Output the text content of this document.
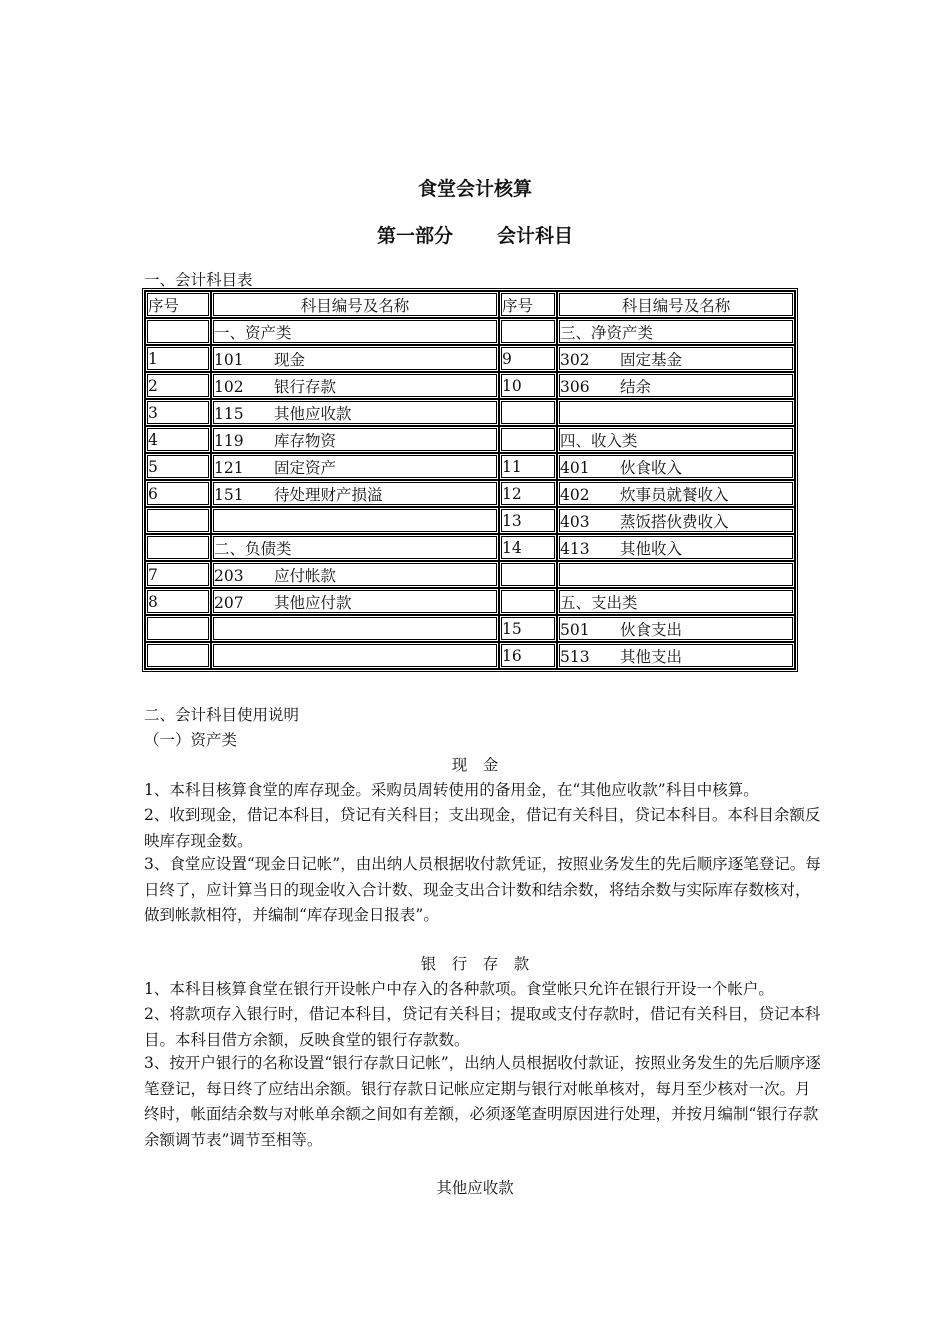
食堂会计核算
第一部分 会计科目
一、会计科目表
序号	科目编号及名称	序号	科目编号及名称
	一、资产类		三、净资产类
1	101 现金	9	302 固定基金
2	102 银行存款	10	306 结余
3	115 其他应收款		
4	119 库存物资		四、收入类
5	121 固定资产	11	401 伙食收入
6	151 待处理财产损溢	12	402 炊事员就餐收入
		13	403 蒸饭搭伙费收入
	二、负债类	14	413 其他收入
7	203 应付帐款		
8	207 其他应付款		五、支出类
		15	501 伙食支出
		16	513 其他支出
二、会计科目使用说明
（一）资产类
现　金

1、本科目核算食堂的库存现金。采购员周转使用的备用金，在“其他应收款”科目中核算。

2、收到现金，借记本科目，贷记有关科目；支出现金，借记有关科目，贷记本科目。本科目余额反映库存现金数。

3、食堂应设置“现金日记帐”，由出纳人员根据收付款凭证，按照业务发生的先后顺序逐笔登记。每日终了，应计算当日的现金收入合计数、现金支出合计数和结余数，将结余数与实际库存数核对，做到帐款相符，并编制“库存现金日报表”。

银　行　存　款

1、本科目核算食堂在银行开设帐户中存入的各种款项。食堂帐只允许在银行开设一个帐户。

2、将款项存入银行时，借记本科目，贷记有关科目；提取或支付存款时，借记有关科目，贷记本科目。本科目借方余额，反映食堂的银行存款数。

3、按开户银行的名称设置“银行存款日记帐”，出纳人员根据收付款证，按照业务发生的先后顺序逐笔登记，每日终了应结出余额。银行存款日记帐应定期与银行对帐单核对，每月至少核对一次。月终时，帐面结余数与对帐单余额之间如有差额，必须逐笔查明原因进行处理，并按月编制“银行存款余额调节表”调节至相等。

其他应收款
